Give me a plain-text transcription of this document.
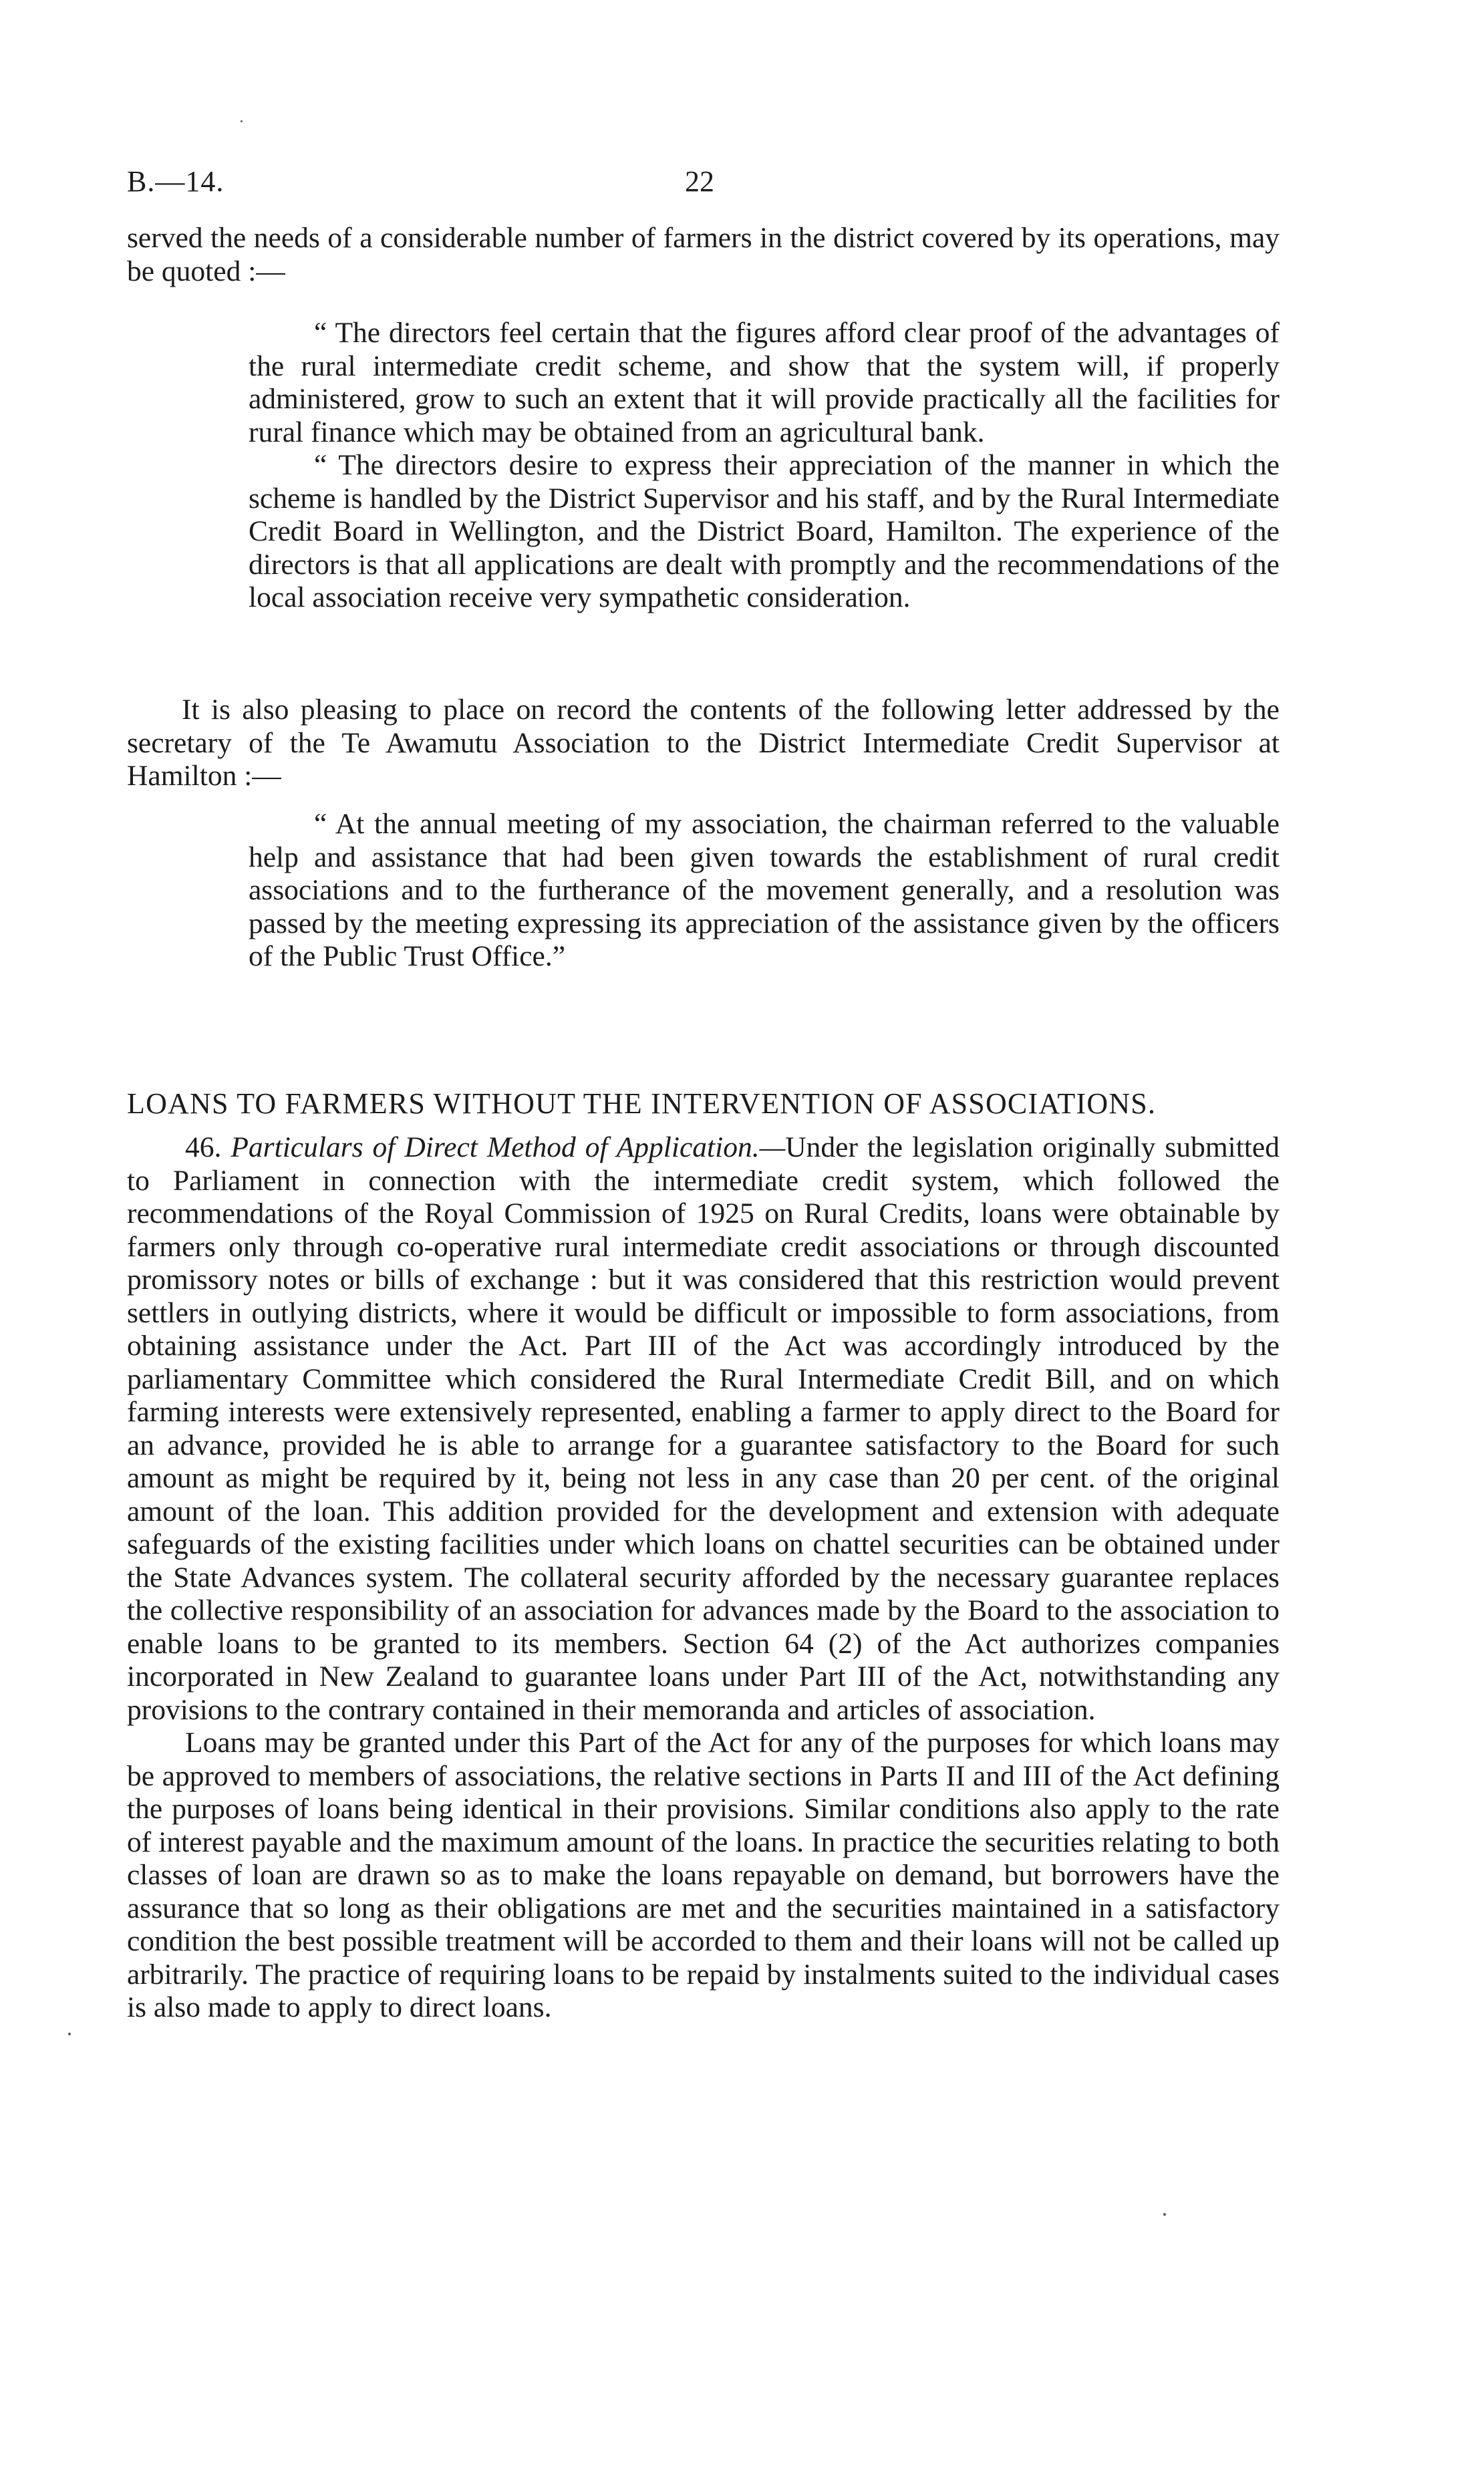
B.—14.	22

served the needs of a considerable number of farmers in the district covered by its operations, may be quoted :—

“ The directors feel certain that the figures afford clear proof of the advantages of the rural intermediate credit scheme, and show that the system will, if properly administered, grow to such an extent that it will provide practically all the facilities for rural finance which may be obtained from an agricultural bank.

“ The directors desire to express their appreciation of the manner in which the scheme is handled by the District Supervisor and his staff, and by the Rural Intermediate Credit Board in Wellington, and the District Board, Hamilton. The experience of the directors is that all applications are dealt with promptly and the recommendations of the local association receive very sympathetic consideration.

It is also pleasing to place on record the contents of the following letter addressed by the secretary of the Te Awamutu Association to the District Intermediate Credit Supervisor at Hamilton :—

“ At the annual meeting of my association, the chairman referred to the valuable help and assistance that had been given towards the establishment of rural credit associations and to the furtherance of the movement generally, and a resolution was passed by the meeting expressing its appreciation of the assistance given by the officers of the Public Trust Office.”

LOANS TO FARMERS WITHOUT THE INTERVENTION OF ASSOCIATIONS.

46. Particulars of Direct Method of Application.—Under the legislation originally submitted to Parliament in connection with the intermediate credit system, which followed the recommendations of the Royal Commission of 1925 on Rural Credits, loans were obtainable by farmers only through co-operative rural intermediate credit associations or through discounted promissory notes or bills of exchange : but it was considered that this restriction would prevent settlers in outlying districts, where it would be difficult or impossible to form associations, from obtaining assistance under the Act. Part III of the Act was accordingly introduced by the parliamentary Committee which considered the Rural Intermediate Credit Bill, and on which farming interests were extensively represented, enabling a farmer to apply direct to the Board for an advance, provided he is able to arrange for a guarantee satisfactory to the Board for such amount as might be required by it, being not less in any case than 20 per cent. of the original amount of the loan. This addition provided for the development and extension with adequate safeguards of the existing facilities under which loans on chattel securities can be obtained under the State Advances system. The collateral security afforded by the necessary guarantee replaces the collective responsibility of an association for advances made by the Board to the association to enable loans to be granted to its members. Section 64 (2) of the Act authorizes companies incorporated in New Zealand to guarantee loans under Part III of the Act, notwithstanding any provisions to the contrary contained in their memoranda and articles of association.

Loans may be granted under this Part of the Act for any of the purposes for which loans may be approved to members of associations, the relative sections in Parts II and III of the Act defining the purposes of loans being identical in their provisions. Similar conditions also apply to the rate of interest payable and the maximum amount of the loans. In practice the securities relating to both classes of loan are drawn so as to make the loans repayable on demand, but borrowers have the assurance that so long as their obligations are met and the securities maintained in a satisfactory condition the best possible treatment will be accorded to them and their loans will not be called up arbitrarily. The practice of requiring loans to be repaid by instalments suited to the individual cases is also made to apply to direct loans.
